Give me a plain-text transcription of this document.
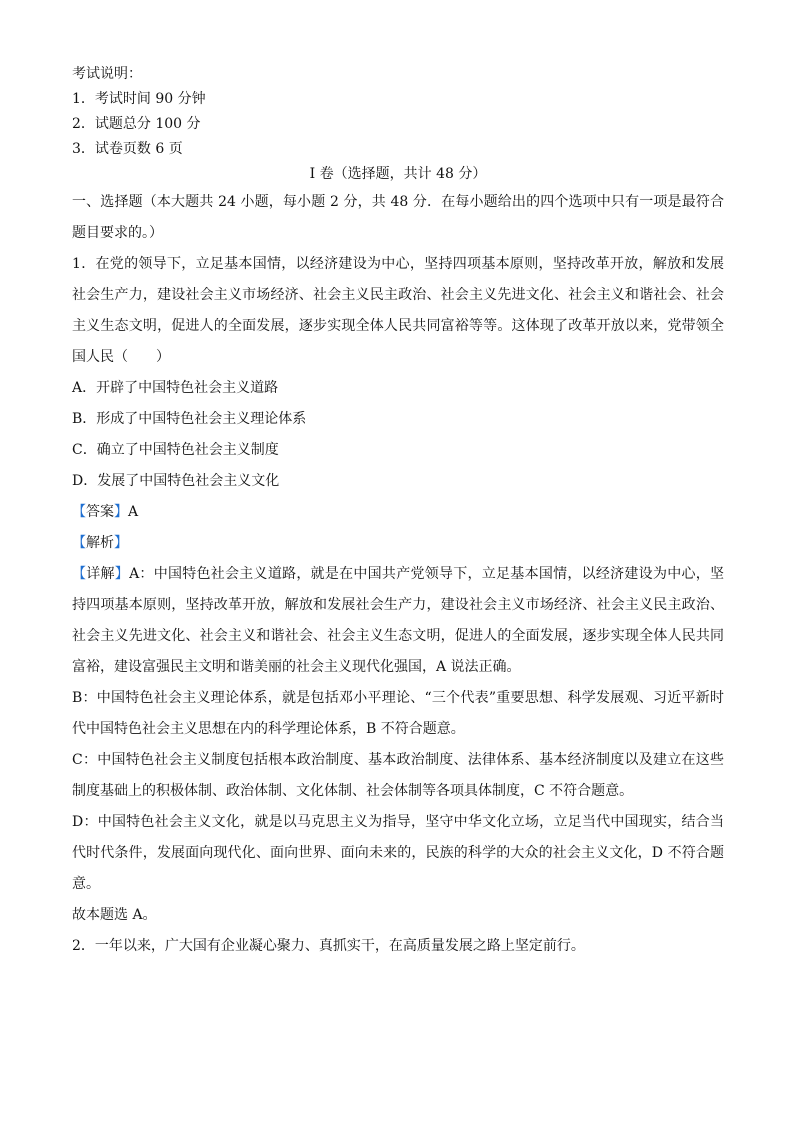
考试说明：
1．考试时间 90 分钟
2．试题总分 100 分
3．试卷页数 6 页
I 卷（选择题，共计 48 分）
一、选择题（本大题共 24 小题，每小题 2 分，共 48 分．在每小题给出的四个选项中只有一项是最符合题目要求的。）
1．在党的领导下，立足基本国情，以经济建设为中心，坚持四项基本原则，坚持改革开放，解放和发展社会生产力，建设社会主义市场经济、社会主义民主政治、社会主义先进文化、社会主义和谐社会、社会主义生态文明，促进人的全面发展，逐步实现全体人民共同富裕等等。这体现了改革开放以来，党带领全国人民（　　）
A．开辟了中国特色社会主义道路
B．形成了中国特色社会主义理论体系
C．确立了中国特色社会主义制度
D．发展了中国特色社会主义文化
【答案】A
【解析】
【详解】A：中国特色社会主义道路，就是在中国共产党领导下，立足基本国情，以经济建设为中心，坚持四项基本原则，坚持改革开放，解放和发展社会生产力，建设社会主义市场经济、社会主义民主政治、社会主义先进文化、社会主义和谐社会、社会主义生态文明，促进人的全面发展，逐步实现全体人民共同富裕，建设富强民主文明和谐美丽的社会主义现代化强国，A 说法正确。
B：中国特色社会主义理论体系，就是包括邓小平理论、“三个代表”重要思想、科学发展观、习近平新时代中国特色社会主义思想在内的科学理论体系，B 不符合题意。
C：中国特色社会主义制度包括根本政治制度、基本政治制度、法律体系、基本经济制度以及建立在这些制度基础上的积极体制、政治体制、文化体制、社会体制等各项具体制度，C 不符合题意。
D：中国特色社会主义文化，就是以马克思主义为指导，坚守中华文化立场，立足当代中国现实，结合当代时代条件，发展面向现代化、面向世界、面向未来的，民族的科学的大众的社会主义文化，D 不符合题意。
故本题选 A。
2．一年以来，广大国有企业凝心聚力、真抓实干，在高质量发展之路上坚定前行。
